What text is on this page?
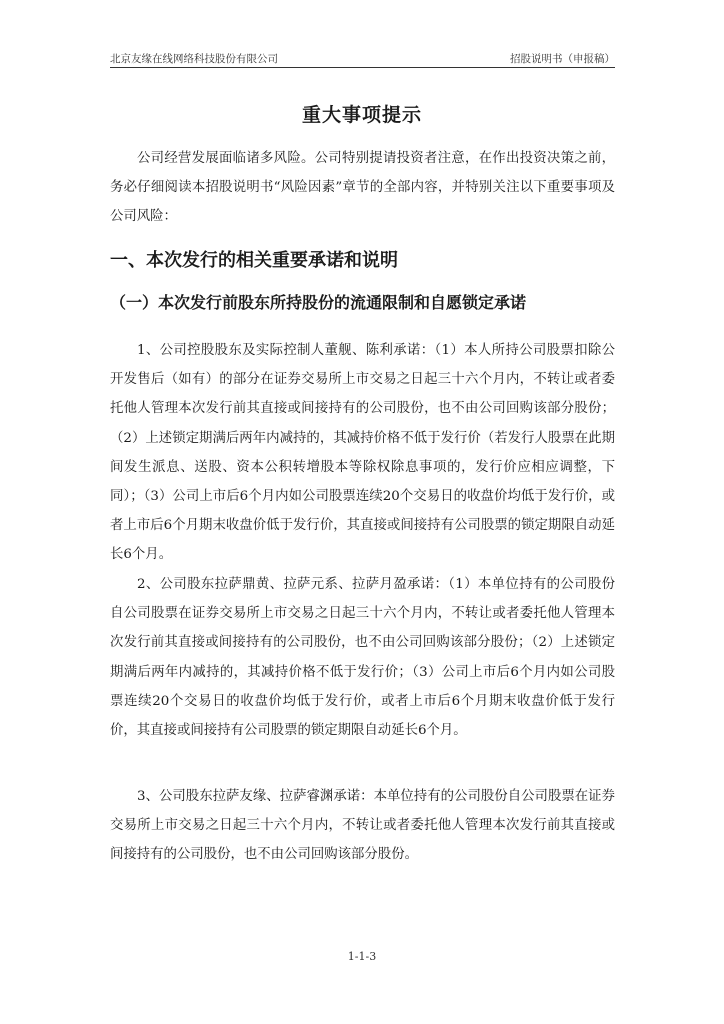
北京友缘在线网络科技股份有限公司	招股说明书（申报稿）
重大事项提示

公司经营发展面临诸多风险。公司特别提请投资者注意，在作出投资决策之前，务必仔细阅读本招股说明书“风险因素”章节的全部内容，并特别关注以下重要事项及公司风险：

一、本次发行的相关重要承诺和说明
（一）本次发行前股东所持股份的流通限制和自愿锁定承诺

1、公司控股股东及实际控制人董舰、陈利承诺：（1）本人所持公司股票扣除公开发售后（如有）的部分在证券交易所上市交易之日起三十六个月内，不转让或者委托他人管理本次发行前其直接或间接持有的公司股份，也不由公司回购该部分股份；（2）上述锁定期满后两年内减持的，其减持价格不低于发行价（若发行人股票在此期间发生派息、送股、资本公积转增股本等除权除息事项的，发行价应相应调整，下同）；（3）公司上市后6个月内如公司股票连续20个交易日的收盘价均低于发行价，或者上市后6个月期末收盘价低于发行价，其直接或间接持有公司股票的锁定期限自动延长6个月。

2、公司股东拉萨鼎黄、拉萨元系、拉萨月盈承诺：（1）本单位持有的公司股份自公司股票在证券交易所上市交易之日起三十六个月内，不转让或者委托他人管理本次发行前其直接或间接持有的公司股份，也不由公司回购该部分股份；（2）上述锁定期满后两年内减持的，其减持价格不低于发行价；（3）公司上市后6个月内如公司股票连续20个交易日的收盘价均低于发行价，或者上市后6个月期末收盘价低于发行价，其直接或间接持有公司股票的锁定期限自动延长6个月。

3、公司股东拉萨友缘、拉萨睿渊承诺：本单位持有的公司股份自公司股票在证券交易所上市交易之日起三十六个月内，不转让或者委托他人管理本次发行前其直接或间接持有的公司股份，也不由公司回购该部分股份。

1-1-3
